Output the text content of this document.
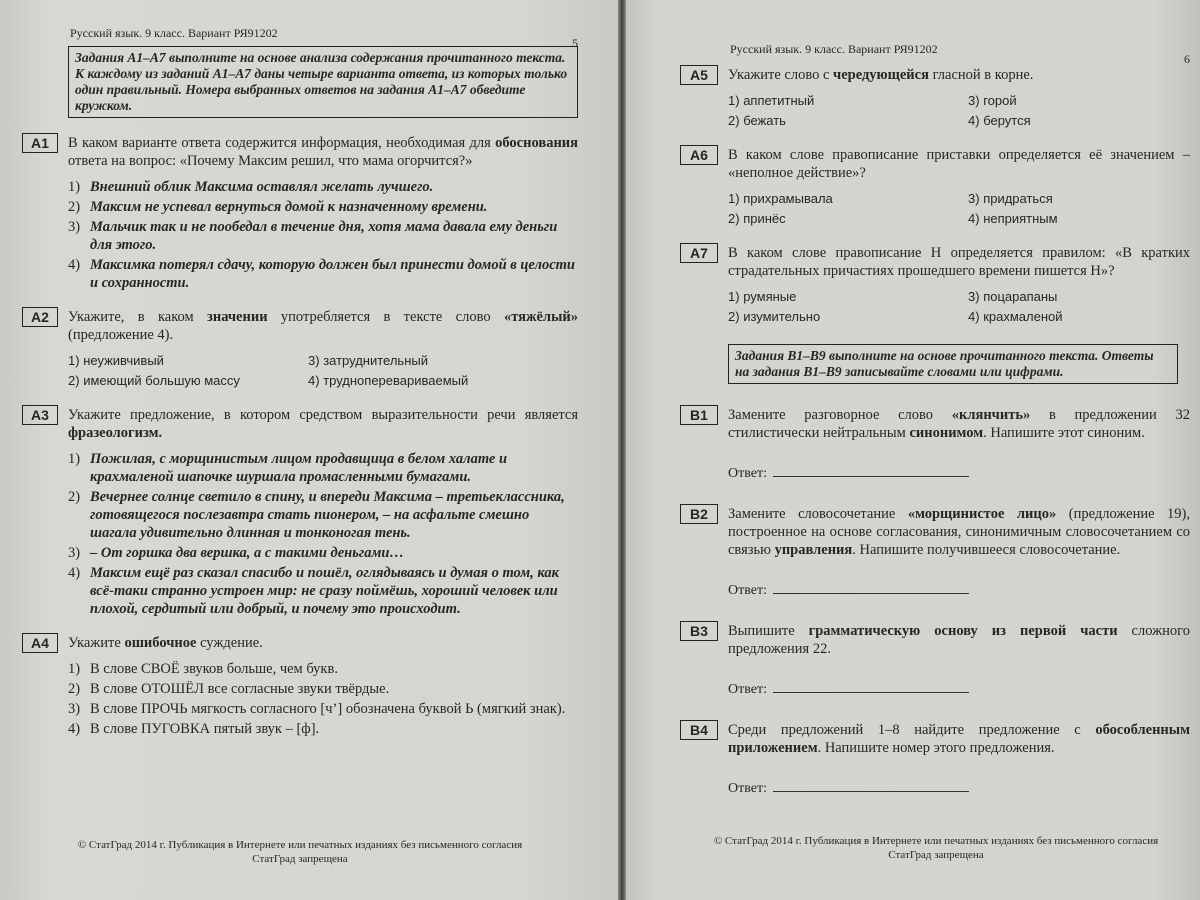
Русский язык. 9 класс. Вариант РЯ91202
5
Задания А1–А7 выполните на основе анализа содержания прочитанного текста. К каждому из заданий А1–А7 даны четыре варианта ответа, из которых только один правильный. Номера выбранных ответов на задания А1–А7 обведите кружком.
А1	В каком варианте ответа содержится информация, необходимая для обоснования ответа на вопрос: «Почему Максим решил, что мама огорчится?»
1) Внешний облик Максима оставлял желать лучшего.
2) Максим не успевал вернуться домой к назначенному времени.
3) Мальчик так и не пообедал в течение дня, хотя мама давала ему деньги для этого.
4) Максимка потерял сдачу, которую должен был принести домой в целости и сохранности.
А2	Укажите, в каком значении употребляется в тексте слово «тяжёлый» (предложение 4).
1) неуживчивый	3) затруднительный
2) имеющий большую массу	4) трудноперевариваемый
А3	Укажите предложение, в котором средством выразительности речи является фразеологизм.
1) Пожилая, с морщинистым лицом продавщица в белом халате и крахмаленой шапочке шуршала промасленными бумагами.
2) Вечернее солнце светило в спину, и впереди Максима – третьеклассника, готовящегося послезавтра стать пионером, – на асфальте смешно шагала удивительно длинная и тонконогая тень.
3) – От горшка два вершка, а с такими деньгами…
4) Максим ещё раз сказал спасибо и пошёл, оглядываясь и думая о том, как всё-таки странно устроен мир: не сразу поймёшь, хороший человек или плохой, сердитый или добрый, и почему это происходит.
А4	Укажите ошибочное суждение.
1) В слове СВОЁ звуков больше, чем букв.
2) В слове ОТОШЁЛ все согласные звуки твёрдые.
3) В слове ПРОЧЬ мягкость согласного [ч’] обозначена буквой Ь (мягкий знак).
4) В слове ПУГОВКА пятый звук – [ф].
© СтатГрад 2014 г. Публикация в Интернете или печатных изданиях без письменного согласия
СтатГрад запрещена
Русский язык. 9 класс. Вариант РЯ91202
6
А5	Укажите слово с чередующейся гласной в корне.
1) аппетитный	3) горой
2) бежать	4) берутся
А6	В каком слове правописание приставки определяется её значением – «неполное действие»?
1) прихрамывала	3) придраться
2) принёс	4) неприятным
А7	В каком слове правописание Н определяется правилом: «В кратких страдательных причастиях прошедшего времени пишется Н»?
1) румяные	3) поцарапаны
2) изумительно	4) крахмаленой
Задания В1–В9 выполните на основе прочитанного текста. Ответы на задания В1–В9 записывайте словами или цифрами.
В1	Замените разговорное слово «клянчить» в предложении 32 стилистически нейтральным синонимом. Напишите этот синоним.
Ответ:
В2	Замените словосочетание «морщинистое лицо» (предложение 19), построенное на основе согласования, синонимичным словосочетанием со связью управления. Напишите получившееся словосочетание.
Ответ:
В3	Выпишите грамматическую основу из первой части сложного предложения 22.
Ответ:
В4	Среди предложений 1–8 найдите предложение с обособленным приложением. Напишите номер этого предложения.
Ответ:
© СтатГрад 2014 г. Публикация в Интернете или печатных изданиях без письменного согласия
СтатГрад запрещена
